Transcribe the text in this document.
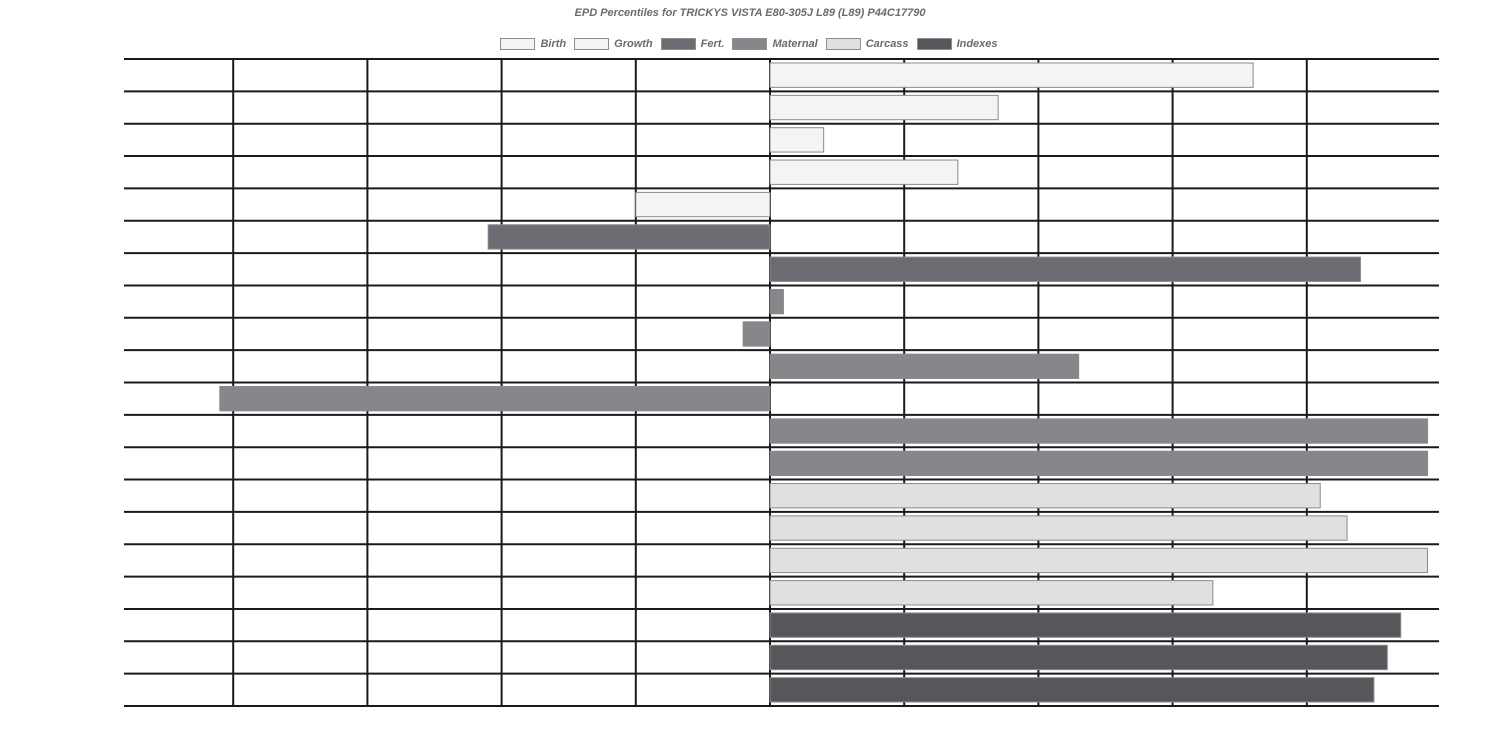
EPD Percentiles for TRICKYS VISTA E80-305J L89 (L89) P44C17790
Birth	Growth	Fert.	Maternal	Carcass	Indexes
